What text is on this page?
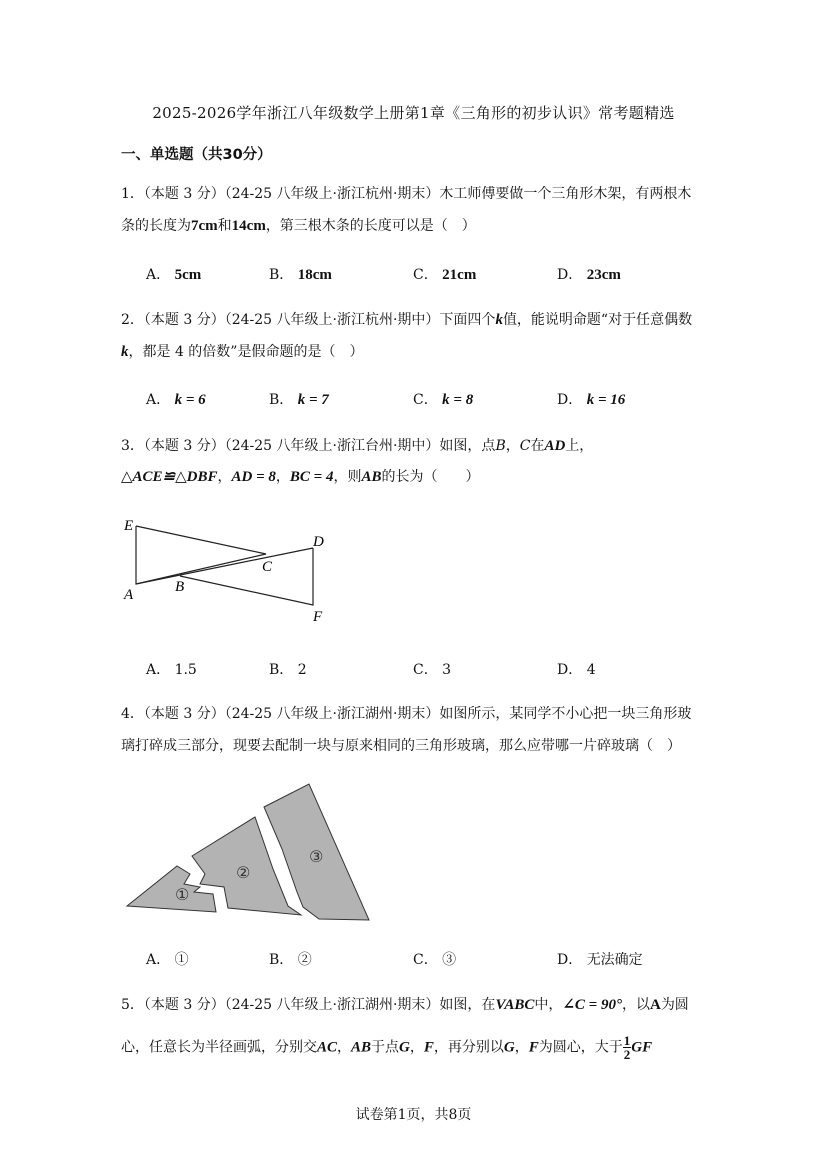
2025-2026学年浙江八年级数学上册第1章《三角形的初步认识》常考题精选
一、单选题（共30分）
1．（本题 3 分）（24-25 八年级上·浙江杭州·期末）木工师傅要做一个三角形木架，有两根木
条的长度为7cm和14cm，第三根木条的长度可以是（　）
A． 5cm	B． 18cm	C． 21cm	D． 23cm
2．（本题 3 分）（24-25 八年级上·浙江杭州·期中）下面四个k值，能说明命题“对于任意偶数
k，都是 4 的倍数”是假命题的是（　）
A． k = 6	B． k = 7	C． k = 8	D． k = 16
3．（本题 3 分）（24-25 八年级上·浙江台州·期中）如图，点B，C在AD上，
△ACE≌△DBF，AD = 8，BC = 4，则AB的长为（　　）
E
D
C
A	B
F
A． 1.5	B． 2	C． 3	D． 4
4．（本题 3 分）（24-25 八年级上·浙江湖州·期末）如图所示，某同学不小心把一块三角形玻
璃打碎成三部分，现要去配制一块与原来相同的三角形玻璃，那么应带哪一片碎玻璃（　）
①
②
③
A． ①	B． ②	C． ③	D． 无法确定
5．（本题 3 分）（24-25 八年级上·浙江湖州·期末）如图，在VABC中，∠C = 90°，以A为圆
心，任意长为半径画弧，分别交AC，AB于点G，F，再分别以G，F为圆心，大于 $\frac{1}{2}$ GF
试卷第1页，共8页
